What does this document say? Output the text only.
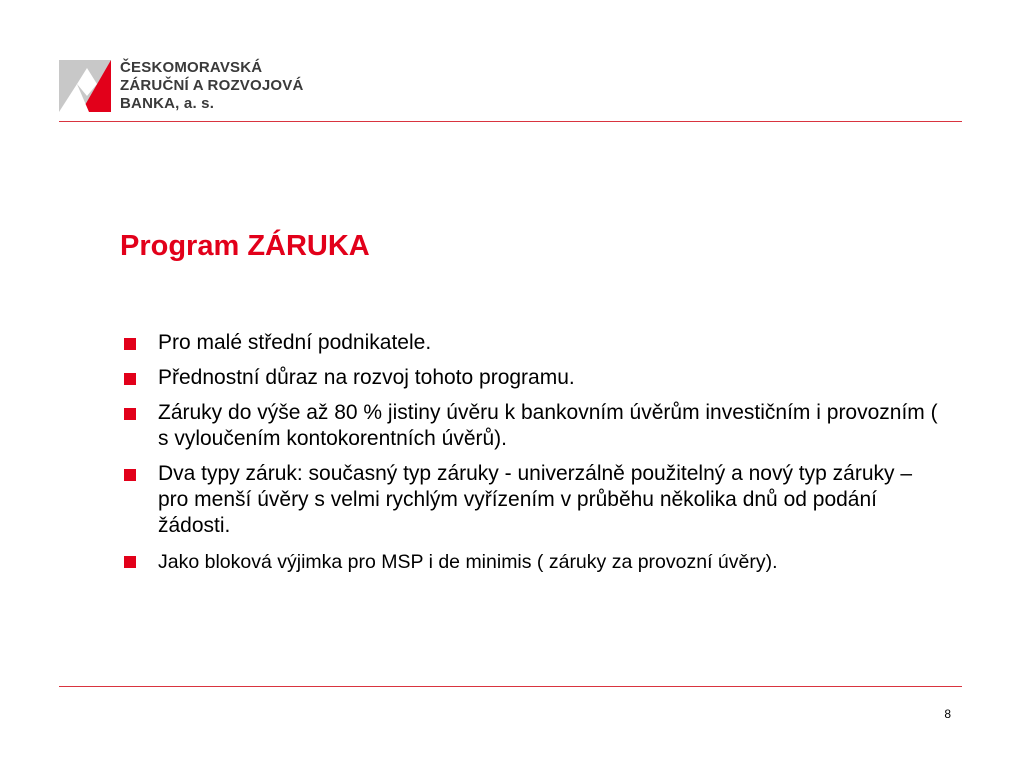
ČESKOMORAVSKÁ
ZÁRUČNÍ A ROZVOJOVÁ
BANKA, a. s.
Program ZÁRUKA
Pro malé střední podnikatele.
Přednostní důraz na rozvoj tohoto programu.
Záruky do výše až 80 % jistiny úvěru k bankovním úvěrům investičním i provozním ( s vyloučením kontokorentních úvěrů).
Dva typy záruk: současný typ záruky - univerzálně použitelný a nový typ záruky – pro menší úvěry s velmi rychlým vyřízením v průběhu několika dnů od podání žádosti.
Jako bloková výjimka pro MSP i de minimis ( záruky za provozní úvěry).
8
